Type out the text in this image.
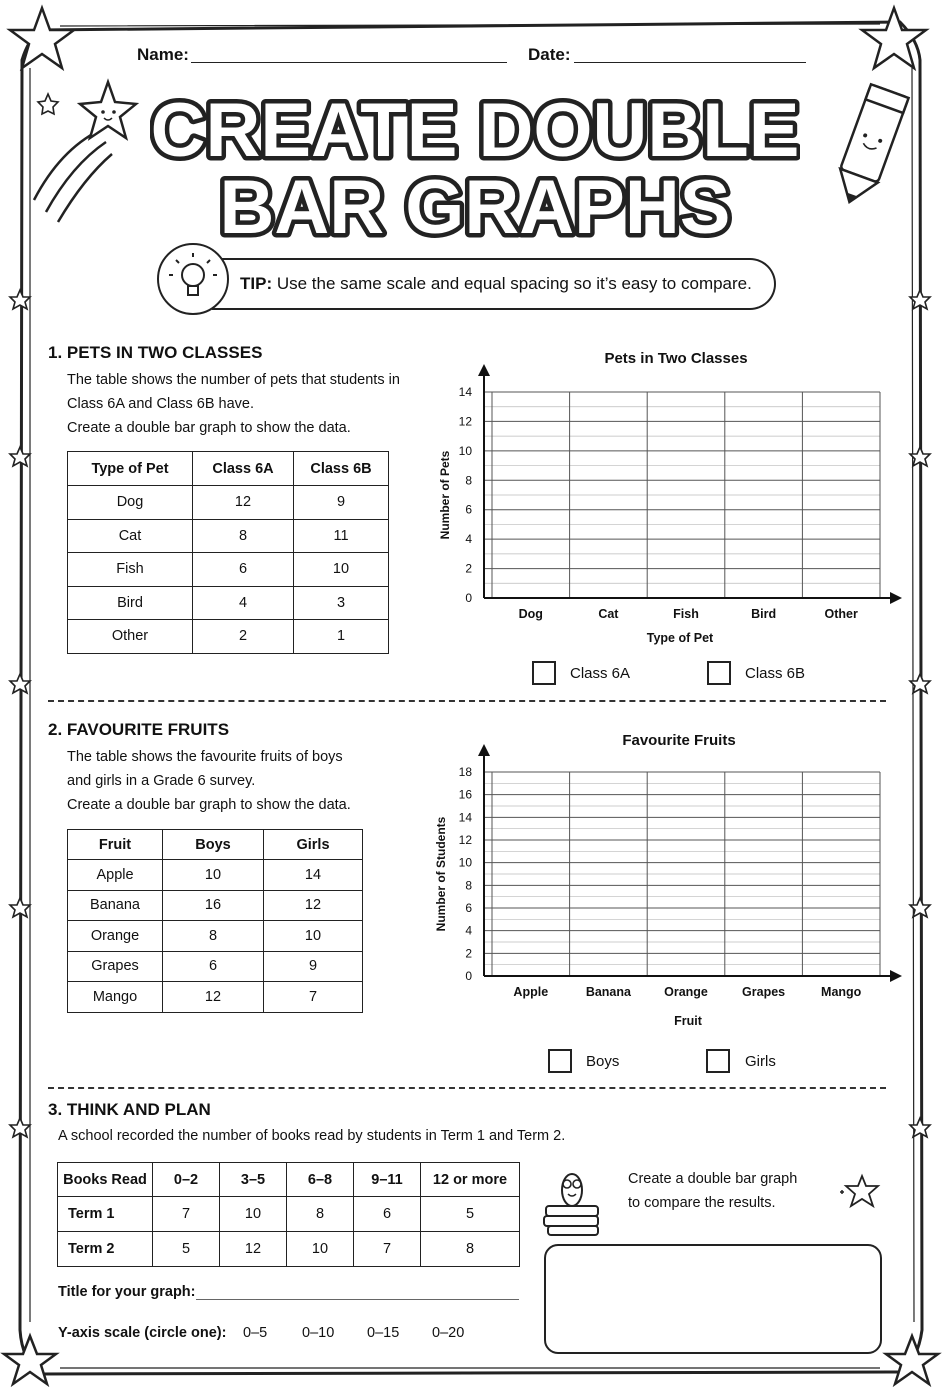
Name:	Date:
CREATE DOUBLE
BAR GRAPHS
TIP: Use the same scale and equal spacing so it’s easy to compare.
1. PETS IN TWO CLASSES
The table shows the number of pets that students in
Class 6A and Class 6B have.
Create a double bar graph to show the data.
Type of Pet	Class 6A	Class 6B
Dog	12	9
Cat	8	11
Fish	6	10
Bird	4	3
Other	2	1
Pets in Two Classes
Number of Pets
0
2
4
6
8
10
12
14
Dog	Cat	Fish	Bird	Other
Type of Pet
Class 6A	Class 6B
2. FAVOURITE FRUITS
The table shows the favourite fruits of boys
and girls in a Grade 6 survey.
Create a double bar graph to show the data.
Fruit	Boys	Girls
Apple	10	14
Banana	16	12
Orange	8	10
Grapes	6	9
Mango	12	7
Favourite Fruits
Number of Students
0
2
4
6
8
10
12
14
16
18
Apple	Banana	Orange	Grapes	Mango
Fruit
Boys	Girls
3. THINK AND PLAN
A school recorded the number of books read by students in Term 1 and Term 2.
Books Read	0–2	3–5	6–8	9–11	12 or more
Term 1	7	10	8	6	5
Term 2	5	12	10	7	8
Create a double bar graph
to compare the results.
Title for your graph:
Y-axis scale (circle one): 0–5 0–10 0–15 0–20
